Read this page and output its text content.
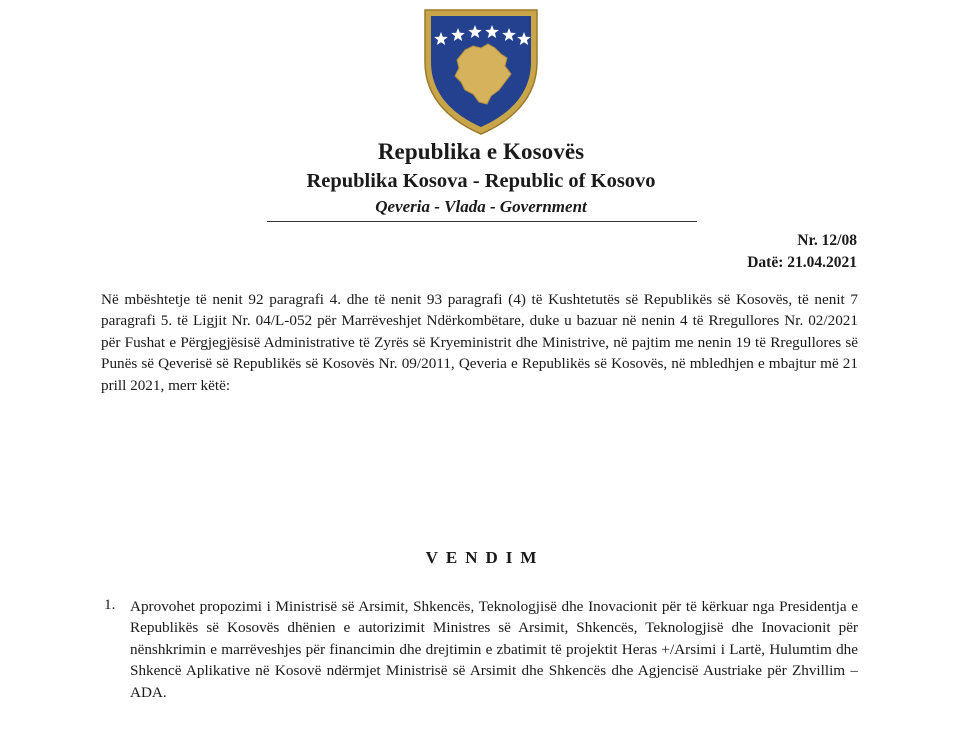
Republika e Kosovës
Republika Kosova - Republic of Kosovo
Qeveria - Vlada - Government
Nr. 12/08
Datë: 21.04.2021
Në mbështetje të nenit 92 paragrafi 4. dhe të nenit 93 paragrafi (4) të Kushtetutës së Republikës së Kosovës, të nenit 7 paragrafi 5. të Ligjit Nr. 04/L-052 për Marrëveshjet Ndërkombëtare, duke u bazuar në nenin 4 të Rregullores Nr. 02/2021 për Fushat e Përgjegjësisë Administrative të Zyrës së Kryeministrit dhe Ministrive, në pajtim me nenin 19 të Rregullores së Punës së Qeverisë së Republikës së Kosovës Nr. 09/2011, Qeveria e Republikës së Kosovës, në mbledhjen e mbajtur më 21 prill 2021, merr këtë:
VENDIM
1. Aprovohet propozimi i Ministrisë së Arsimit, Shkencës, Teknologjisë dhe Inovacionit për të kërkuar nga Presidentja e Republikës së Kosovës dhënien e autorizimit Ministres së Arsimit, Shkencës, Teknologjisë dhe Inovacionit për nënshkrimin e marrëveshjes për financimin dhe drejtimin e zbatimit të projektit Heras +/Arsimi i Lartë, Hulumtim dhe Shkencë Aplikative në Kosovë ndërmjet Ministrisë së Arsimit dhe Shkencës dhe Agjencisë Austriake për Zhvillim – ADA.
